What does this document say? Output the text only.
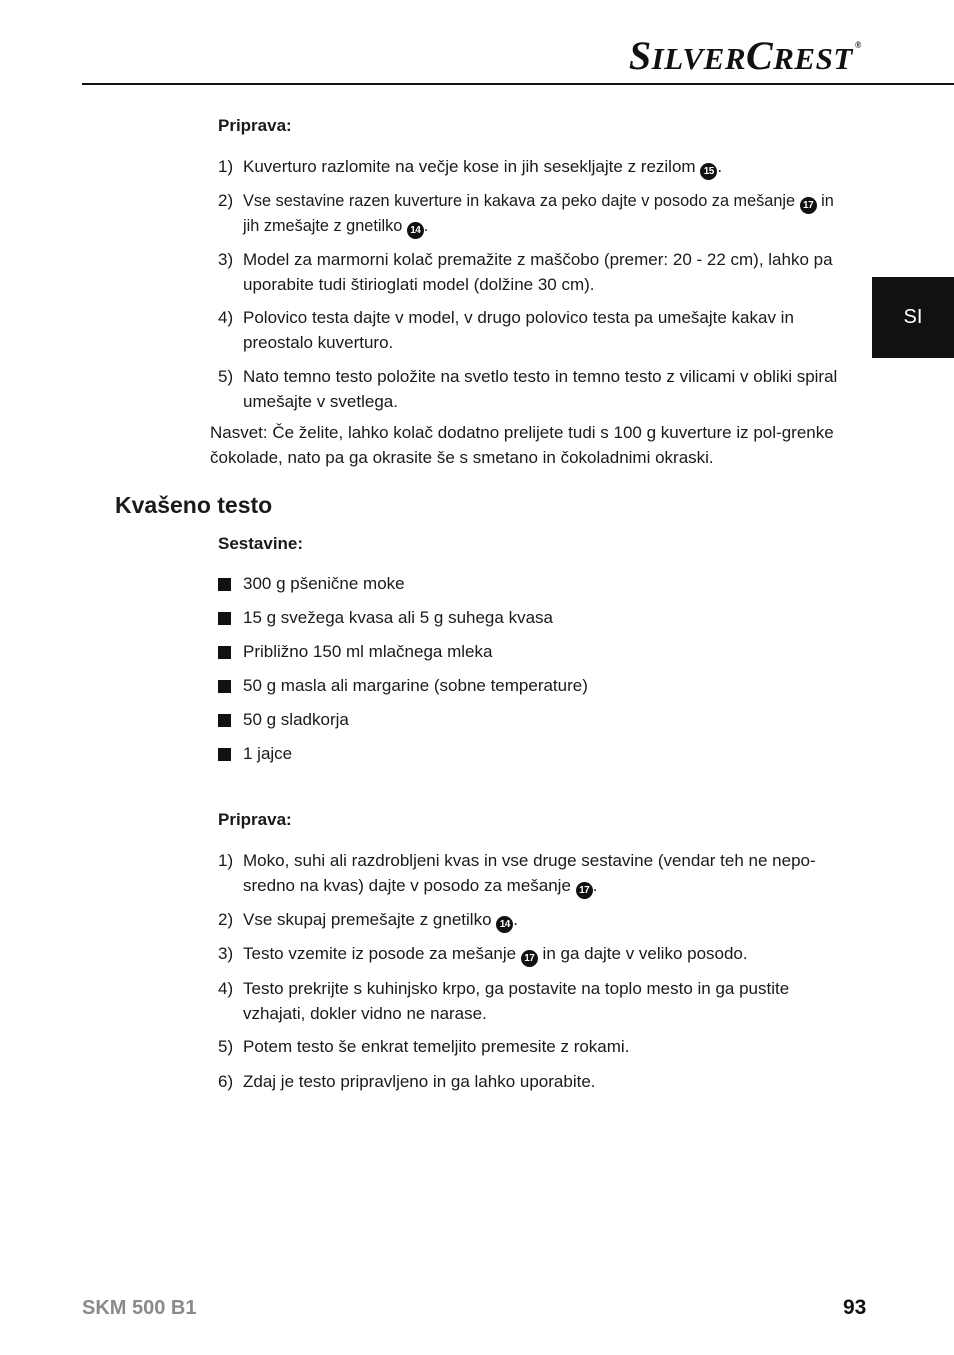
SILVERCREST ®
SI
Priprava:
1) Kuverturo razlomite na večje kose in jih sesekljajte z rezilom 15 .
2) Vse sestavine razen kuverture in kakava za peko dajte v posodo za mešanje 17 in jih zmešajte z gnetilko 14 .
3) Model za marmorni kolač premažite z maščobo (premer: 20 - 22 cm), lahko pa uporabite tudi štirioglati model (dolžine 30 cm).
4) Polovico testa dajte v model, v drugo polovico testa pa umešajte kakav in preostalo kuverturo.
5) Nato temno testo položite na svetlo testo in temno testo z vilicami v obliki spiral umešajte v svetlega.
Nasvet: Če želite, lahko kolač dodatno prelijete tudi s 100 g kuverture iz pol-grenke čokolade, nato pa ga okrasite še s smetano in čokoladnimi okraski.
Kvašeno testo
Sestavine:
300 g pšenične moke
15 g svežega kvasa ali 5 g suhega kvasa
Približno 150 ml mlačnega mleka
50 g masla ali margarine (sobne temperature)
50 g sladkorja
1 jajce
Priprava:
1) Moko, suhi ali razdrobljeni kvas in vse druge sestavine (vendar teh ne nepo-sredno na kvas) dajte v posodo za mešanje 17 .
2) Vse skupaj premešajte z gnetilko 14 .
3) Testo vzemite iz posode za mešanje 17 in ga dajte v veliko posodo.
4) Testo prekrijte s kuhinjsko krpo, ga postavite na toplo mesto in ga pustite vzhajati, dokler vidno ne narase.
5) Potem testo še enkrat temeljito premesite z rokami.
6) Zdaj je testo pripravljeno in ga lahko uporabite.
SKM 500 B1	93
